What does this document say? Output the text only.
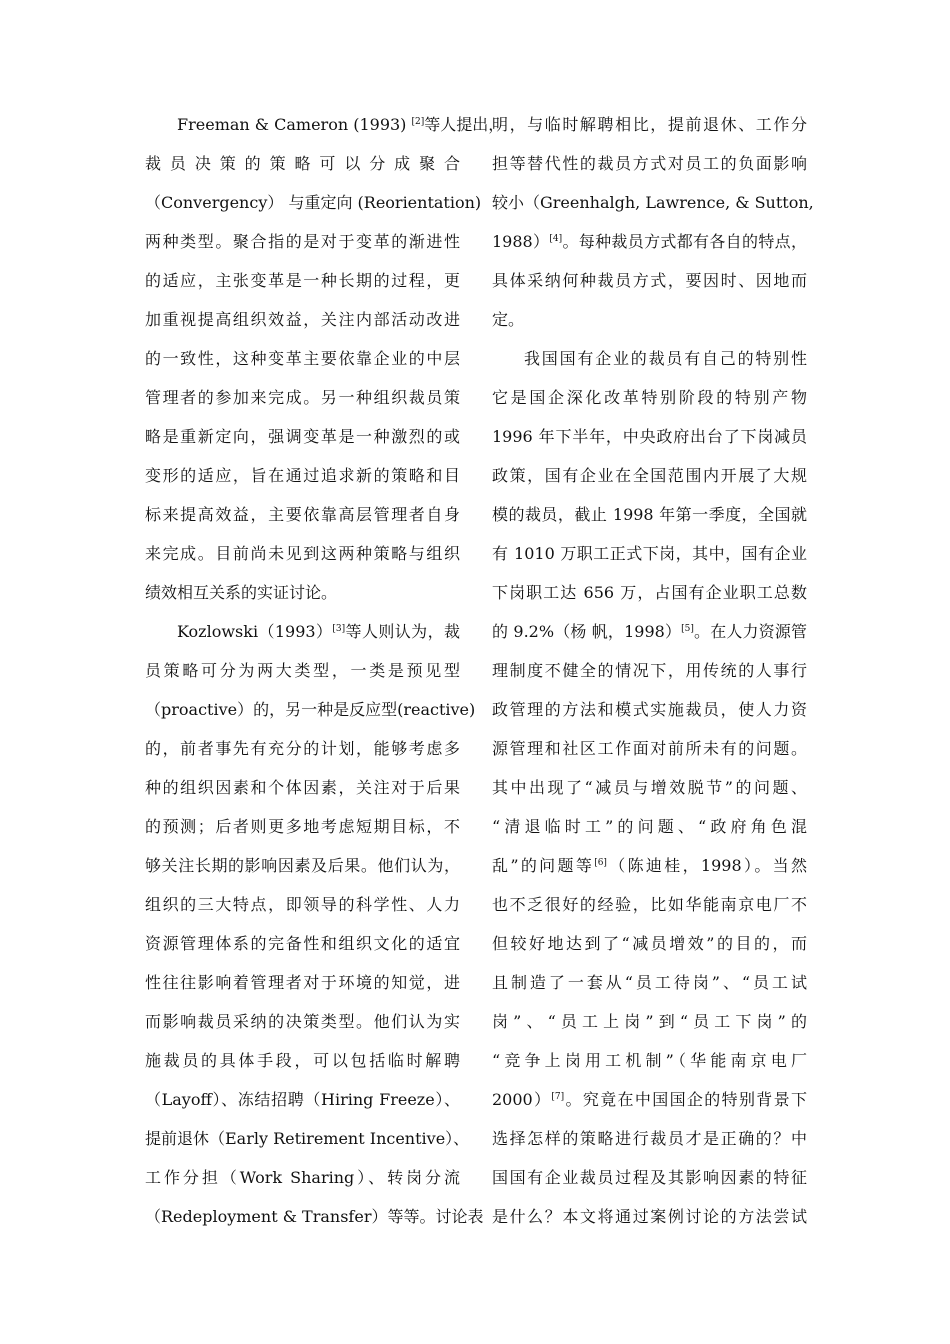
Freeman & Cameron (1993) [2]等人提出，
裁员决策的策略可以分成聚合
（Convergency） 与重定向 (Reorientation)
两种类型。聚合指的是对于变革的渐进性
的适应，主张变革是一种长期的过程，更
加重视提高组织效益，关注内部活动改进
的一致性，这种变革主要依靠企业的中层
管理者的参加来完成。另一种组织裁员策
略是重新定向，强调变革是一种激烈的或
变形的适应，旨在通过追求新的策略和目
标来提高效益，主要依靠高层管理者自身
来完成。目前尚未见到这两种策略与组织
绩效相互关系的实证讨论。
Kozlowski（1993）[3]等人则认为，裁
员策略可分为两大类型，一类是预见型
（proactive）的，另一种是反应型(reactive)
的，前者事先有充分的计划，能够考虑多
种的组织因素和个体因素，关注对于后果
的预测；后者则更多地考虑短期目标，不
够关注长期的影响因素及后果。他们认为，
组织的三大特点，即领导的科学性、人力
资源管理体系的完备性和组织文化的适宜
性往往影响着管理者对于环境的知觉，进
而影响裁员采纳的决策类型。他们认为实
施裁员的具体手段，可以包括临时解聘
（Layoff）、冻结招聘（Hiring Freeze）、
提前退休（Early Retirement Incentive）、
工作分担（Work Sharing）、转岗分流
（Redeployment & Transfer）等等。讨论表
明，与临时解聘相比，提前退休、工作分
担等替代性的裁员方式对员工的负面影响
较小（Greenhalgh, Lawrence, & Sutton,
1988）[4]。每种裁员方式都有各自的特点，
具体采纳何种裁员方式，要因时、因地而
定。
我国国有企业的裁员有自己的特别性
它是国企深化改革特别阶段的特别产物
1996 年下半年，中央政府出台了下岗减员
政策，国有企业在全国范围内开展了大规
模的裁员，截止 1998 年第一季度，全国就
有 1010 万职工正式下岗，其中，国有企业
下岗职工达 656 万，占国有企业职工总数
的 9.2%（杨 帆，1998）[5]。在人力资源管
理制度不健全的情况下，用传统的人事行
政管理的方法和模式实施裁员，使人力资
源管理和社区工作面对前所未有的问题。
其中出现了“减员与增效脱节”的问题、
“清退临时工”的问题、“政府角色混
乱”的问题等[6]（陈迪桂，1998）。当然
也不乏很好的经验，比如华能南京电厂不
但较好地达到了“减员增效”的目的，而
且制造了一套从“员工待岗”、“员工试
岗”、“员工上岗”到“员工下岗”的
“竞争上岗用工机制”（华能南京电厂
2000）[7]。究竟在中国国企的特别背景下
选择怎样的策略进行裁员才是正确的？中
国国有企业裁员过程及其影响因素的特征
是什么？本文将通过案例讨论的方法尝试
